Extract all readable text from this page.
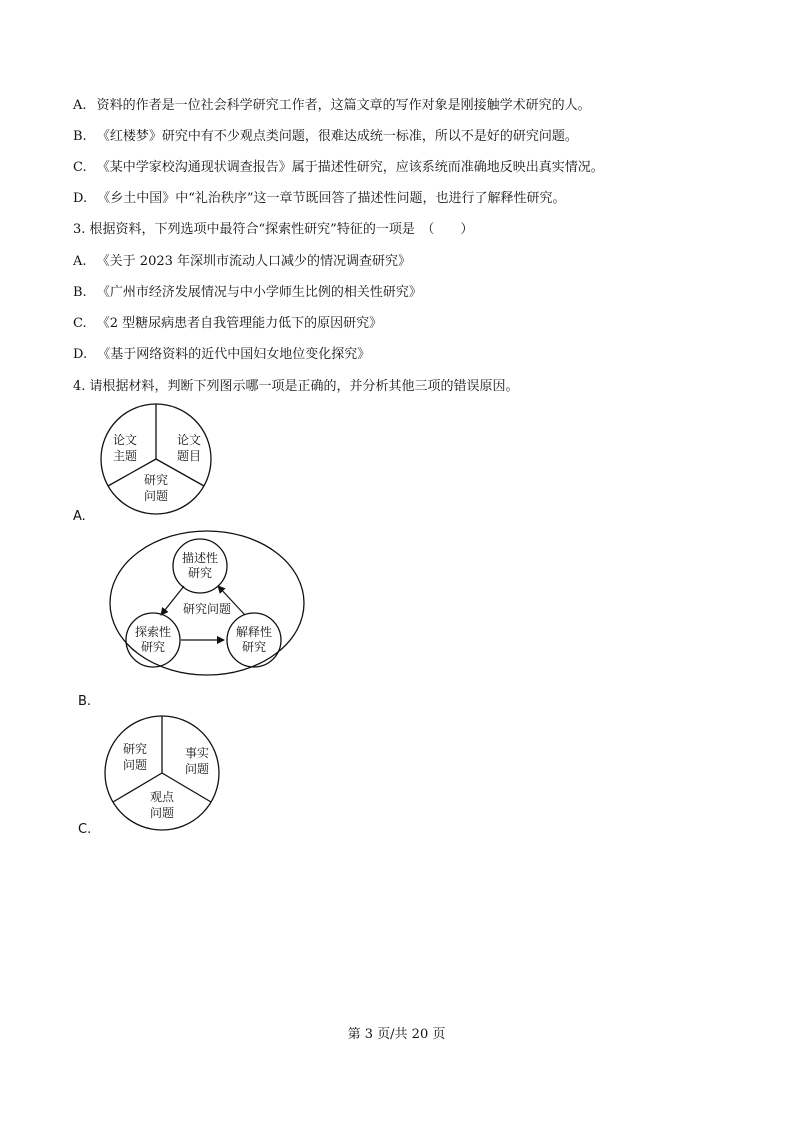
A. 资料的作者是一位社会科学研究工作者，这篇文章的写作对象是刚接触学术研究的人。
B. 《红楼梦》研究中有不少观点类问题，很难达成统一标准，所以不是好的研究问题。
C. 《某中学家校沟通现状调查报告》属于描述性研究，应该系统而准确地反映出真实情况。
D. 《乡土中国》中“礼治秩序”这一章节既回答了描述性问题，也进行了解释性研究。
3. 根据资料，下列选项中最符合“探索性研究”特征的一项是　（　　）
A. 《关于 2023 年深圳市流动人口减少的情况调查研究》
B. 《广州市经济发展情况与中小学师生比例的相关性研究》
C. 《2 型糖尿病患者自我管理能力低下的原因研究》
D. 《基于网络资料的近代中国妇女地位变化探究》
4. 请根据材料，判断下列图示哪一项是正确的，并分析其他三项的错误原因。
论文
主题
论文
题目
研究
问题
A.
描述性
研究
研究问题
探索性
研究
解释性
研究
B.
研究
问题
事实
问题
观点
问题
C.
第 3 页/共 20 页
